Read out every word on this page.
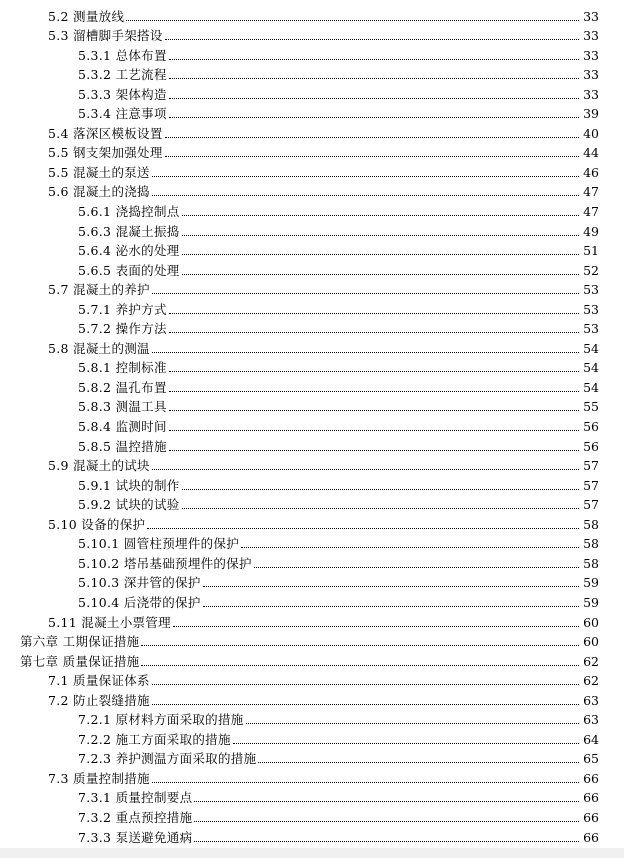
5.2 测量放线	33
5.3 溜槽脚手架搭设	33
5.3.1 总体布置	33
5.3.2 工艺流程	33
5.3.3 架体构造	33
5.3.4 注意事项	39
5.4 落深区模板设置	40
5.5 钢支架加强处理	44
5.5 混凝土的泵送	46
5.6 混凝土的浇捣	47
5.6.1 浇捣控制点	47
5.6.3 混凝土振捣	49
5.6.4 泌水的处理	51
5.6.5 表面的处理	52
5.7 混凝土的养护	53
5.7.1 养护方式	53
5.7.2 操作方法	53
5.8 混凝土的测温	54
5.8.1 控制标准	54
5.8.2 温孔布置	54
5.8.3 测温工具	55
5.8.4 监测时间	56
5.8.5 温控措施	56
5.9 混凝土的试块	57
5.9.1 试块的制作	57
5.9.2 试块的试验	57
5.10 设备的保护	58
5.10.1 圆管柱预埋件的保护	58
5.10.2 塔吊基础预埋件的保护	58
5.10.3 深井管的保护	59
5.10.4 后浇带的保护	59
5.11 混凝土小票管理	60
第六章 工期保证措施	60
第七章 质量保证措施	62
7.1 质量保证体系	62
7.2 防止裂缝措施	63
7.2.1 原材料方面采取的措施	63
7.2.2 施工方面采取的措施	64
7.2.3 养护测温方面采取的措施	65
7.3 质量控制措施	66
7.3.1 质量控制要点	66
7.3.2 重点预控措施	66
7.3.3 泵送避免通病	66
